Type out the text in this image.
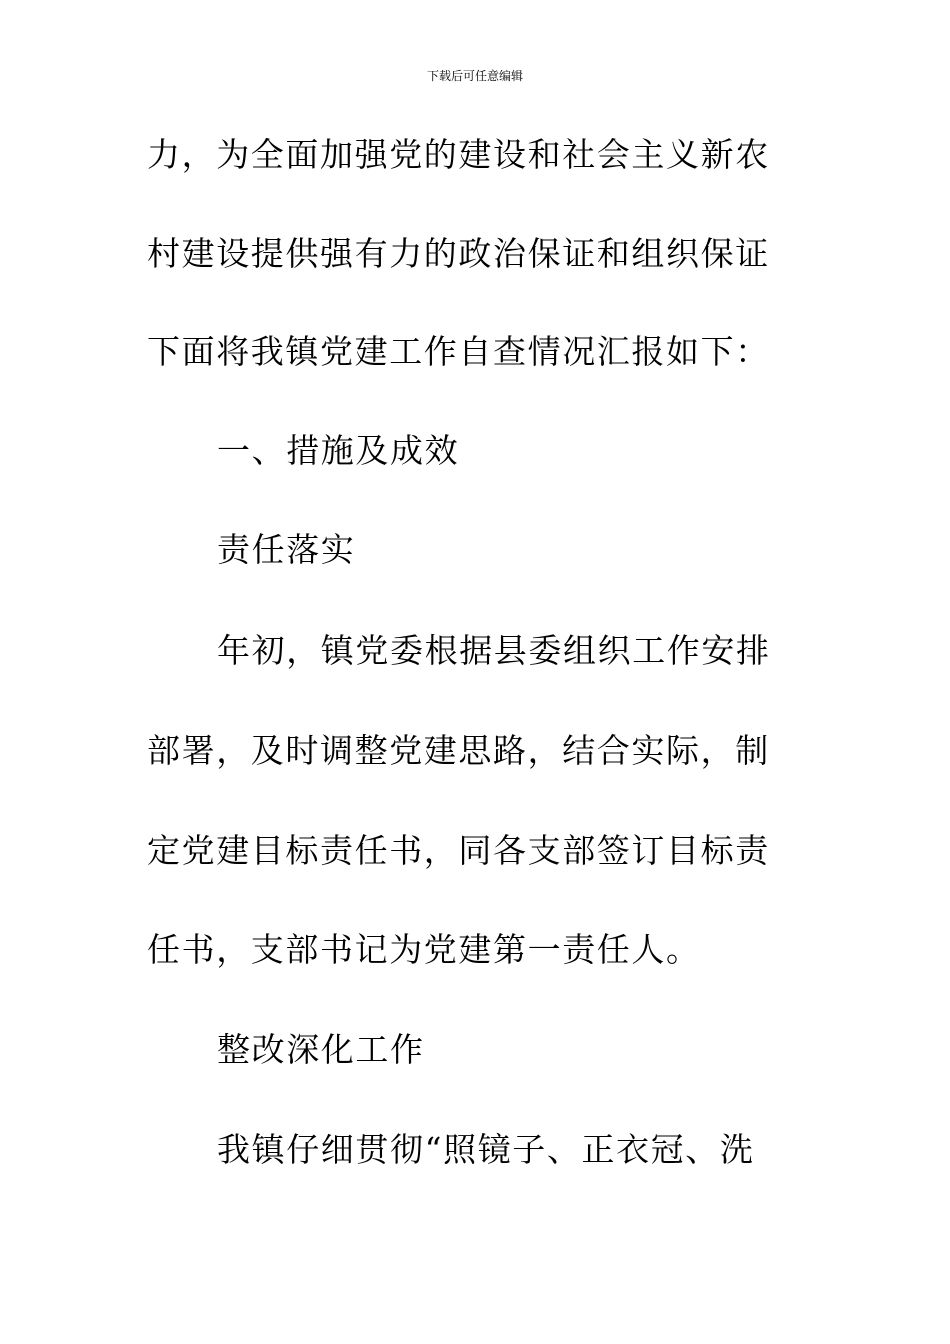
下载后可任意编辑
力，为全面加强党的建设和社会主义新农
村建设提供强有力的政治保证和组织保证
下面将我镇党建工作自查情况汇报如下：
一、措施及成效
责任落实
年初，镇党委根据县委组织工作安排
部署，及时调整党建思路，结合实际，制
定党建目标责任书，同各支部签订目标责
任书，支部书记为党建第一责任人。
整改深化工作
我镇仔细贯彻“照镜子、正衣冠、洗
